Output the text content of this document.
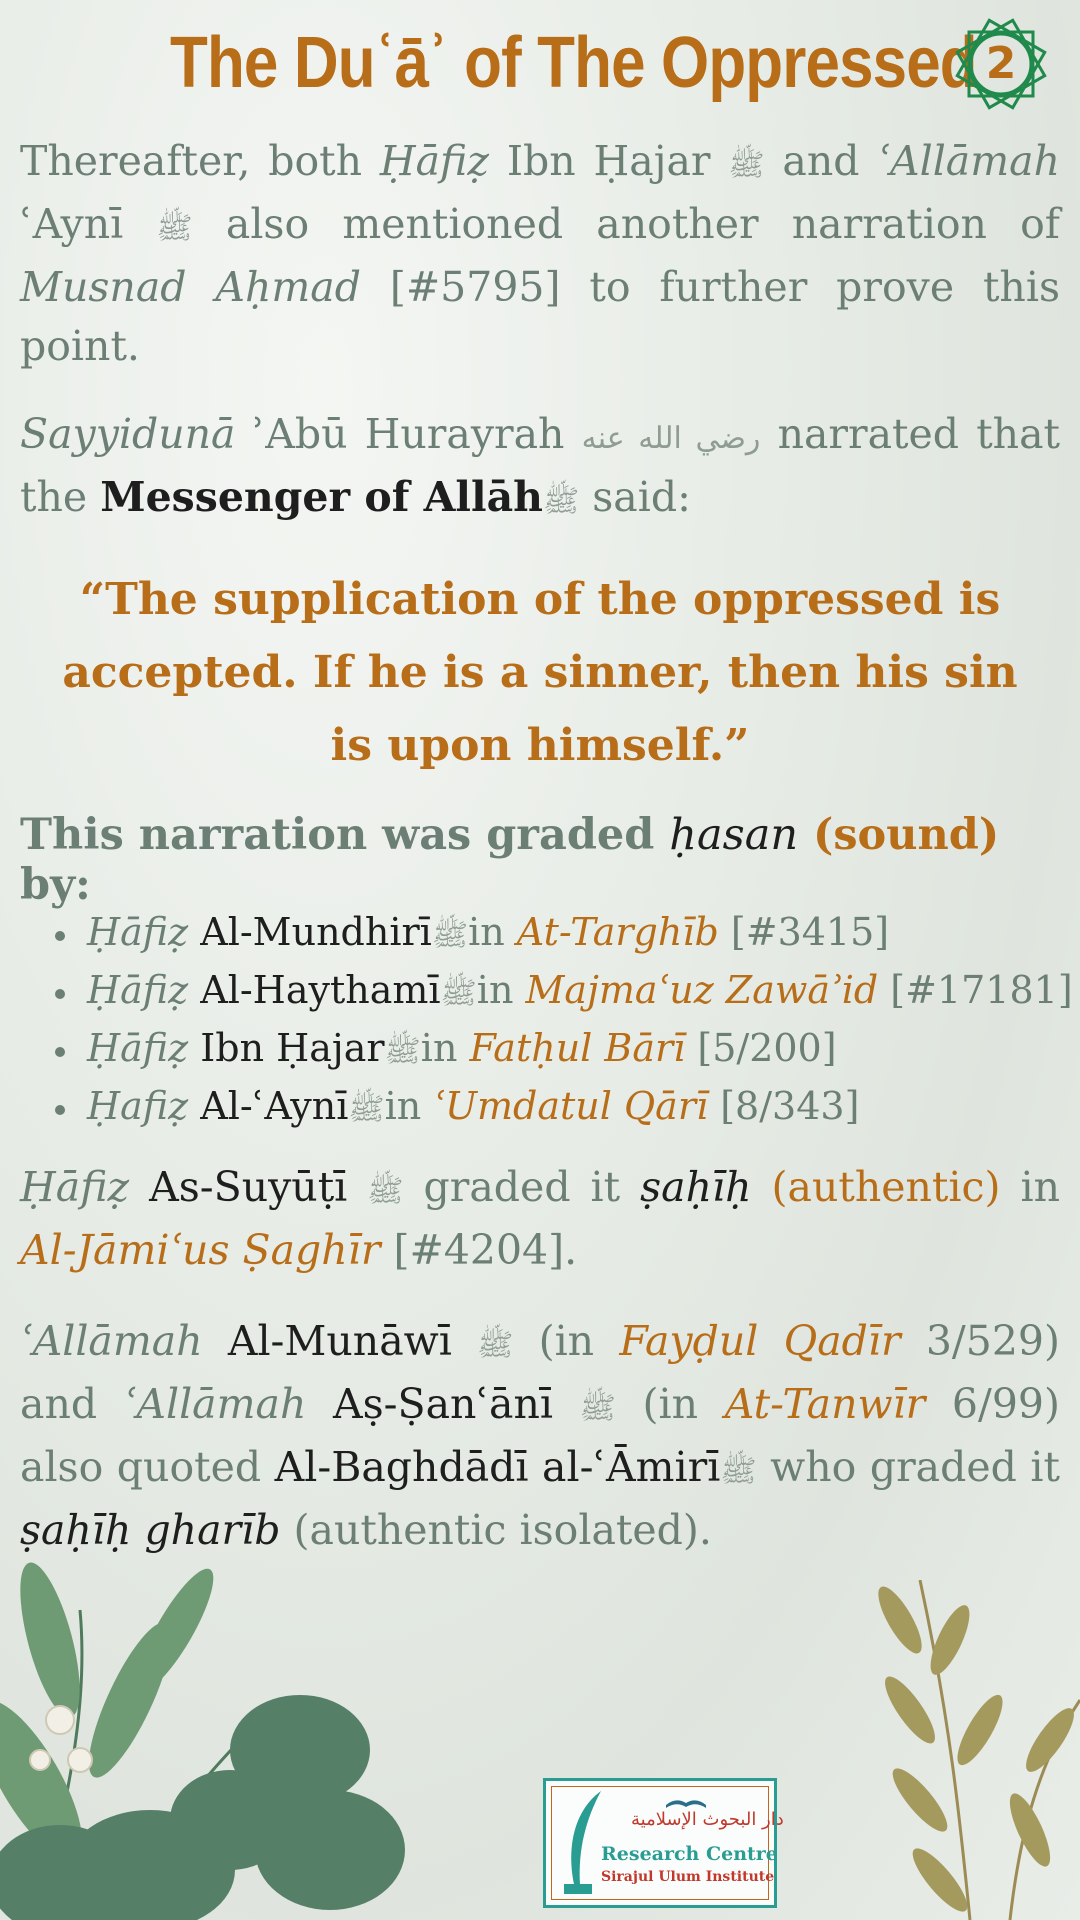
The Duʿāʾ of The Oppressed 2

Thereafter, both Ḥāfiẓ Ibn Ḥajar ﷺ and ʿAllāmah ʿAynī ﷺ also mentioned another narration of Musnad Aḥmad [#5795] to further prove this point.

Sayyidunā ʾAbū Hurayrah رضي الله عنه narrated that the Messenger of Allāhﷺ said:

“The supplication of the oppressed is accepted. If he is a sinner, then his sin is upon himself.”
This narration was graded ḥasan (sound) by:
Ḥāfiẓ Al-Mundhirīﷺin At-Targhīb [#3415]
Ḥāfiẓ Al-Haythamīﷺin Majmaʿuz Zawāʾid [#17181]
Ḥāfiẓ Ibn Ḥajarﷺin Fatḥul Bārī [5/200]
Ḥafiẓ Al-ʿAynīﷺin ʿUmdatul Qārī [8/343]

Ḥāfiẓ As-Suyūṭī ﷺ graded it ṣaḥīḥ (authentic) in Al-Jāmiʿus Ṣaghīr [#4204].

ʿAllāmah Al-Munāwī ﷺ (in Fayḍul Qadīr 3/529) and ʿAllāmah Aṣ-Ṣanʿānī ﷺ (in At-Tanwīr 6/99) also quoted Al-Baghdādī al-ʿĀmirīﷺ who graded it ṣaḥīḥ gharīb (authentic isolated).

دار البحوث الإسلامية
Research Centre
Sirajul Ulum Institute
